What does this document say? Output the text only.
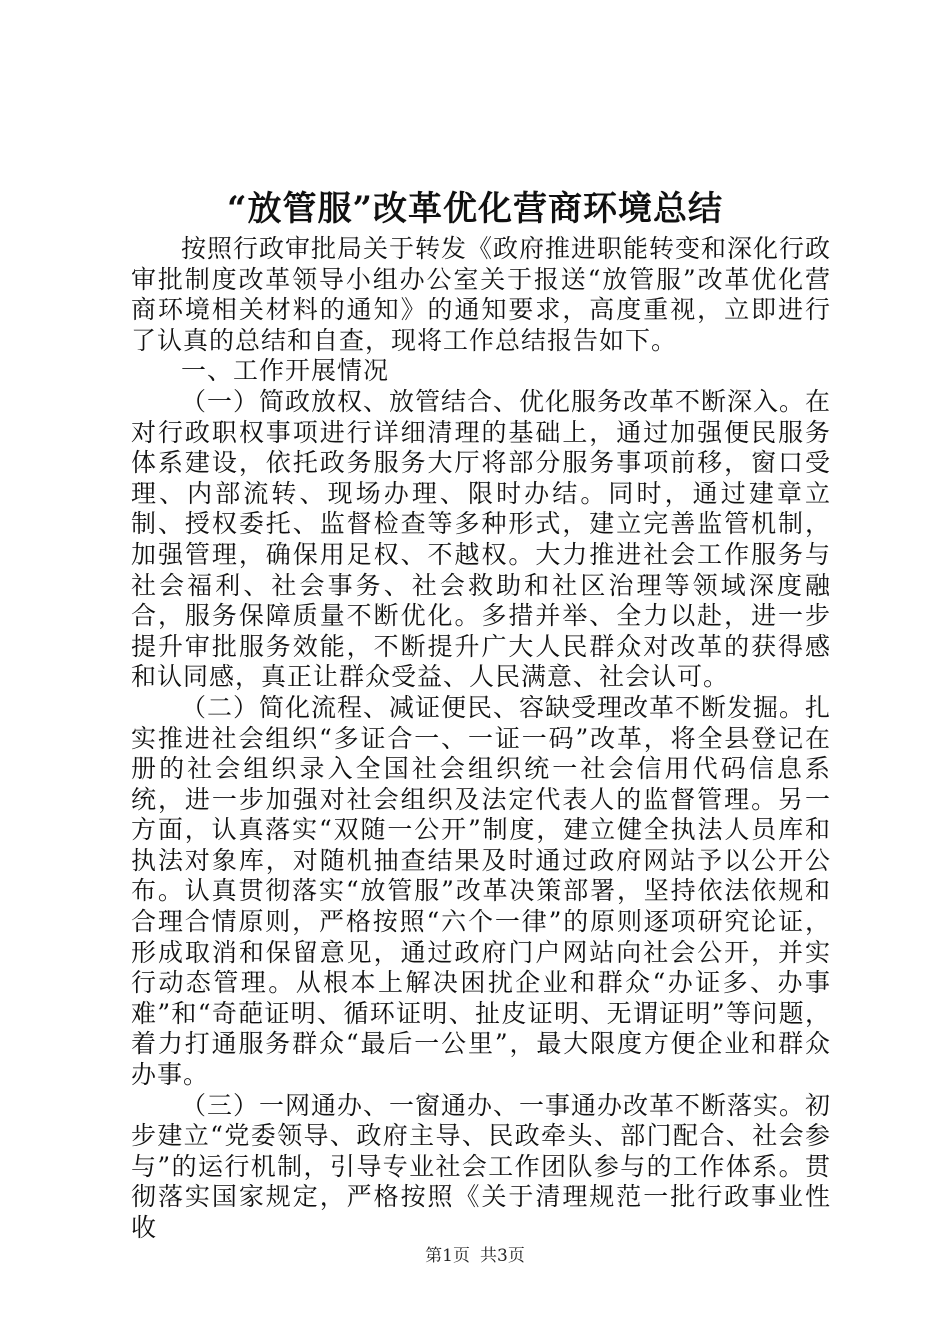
“放管服”改革优化营商环境总结

按照行政审批局关于转发《政府推进职能转变和深化行政审批制度改革领导小组办公室关于报送“放管服”改革优化营商环境相关材料的通知》的通知要求，高度重视，立即进行了认真的总结和自查，现将工作总结报告如下。

一、工作开展情况

（一）简政放权、放管结合、优化服务改革不断深入。在对行政职权事项进行详细清理的基础上，通过加强便民服务体系建设，依托政务服务大厅将部分服务事项前移，窗口受理、内部流转、现场办理、限时办结。同时，通过建章立制、授权委托、监督检查等多种形式，建立完善监管机制，加强管理，确保用足权、不越权。大力推进社会工作服务与社会福利、社会事务、社会救助和社区治理等领域深度融合，服务保障质量不断优化。多措并举、全力以赴，进一步提升审批服务效能，不断提升广大人民群众对改革的获得感和认同感，真正让群众受益、人民满意、社会认可。

（二）简化流程、减证便民、容缺受理改革不断发掘。扎实推进社会组织“多证合一、一证一码”改革，将全县登记在册的社会组织录入全国社会组织统一社会信用代码信息系统，进一步加强对社会组织及法定代表人的监督管理。另一方面，认真落实“双随一公开”制度，建立健全执法人员库和执法对象库，对随机抽查结果及时通过政府网站予以公开公布。认真贯彻落实“放管服”改革决策部署，坚持依法依规和合理合情原则，严格按照“六个一律”的原则逐项研究论证，形成取消和保留意见，通过政府门户网站向社会公开，并实行动态管理。从根本上解决困扰企业和群众“办证多、办事难”和“奇葩证明、循环证明、扯皮证明、无谓证明”等问题，着力打通服务群众“最后一公里”，最大限度方便企业和群众办事。

（三）一网通办、一窗通办、一事通办改革不断落实。初步建立“党委领导、政府主导、民政牵头、部门配合、社会参与”的运行机制，引导专业社会工作团队参与的工作体系。贯彻落实国家规定，严格按照《关于清理规范一批行政事业性收

第1页 共3页
